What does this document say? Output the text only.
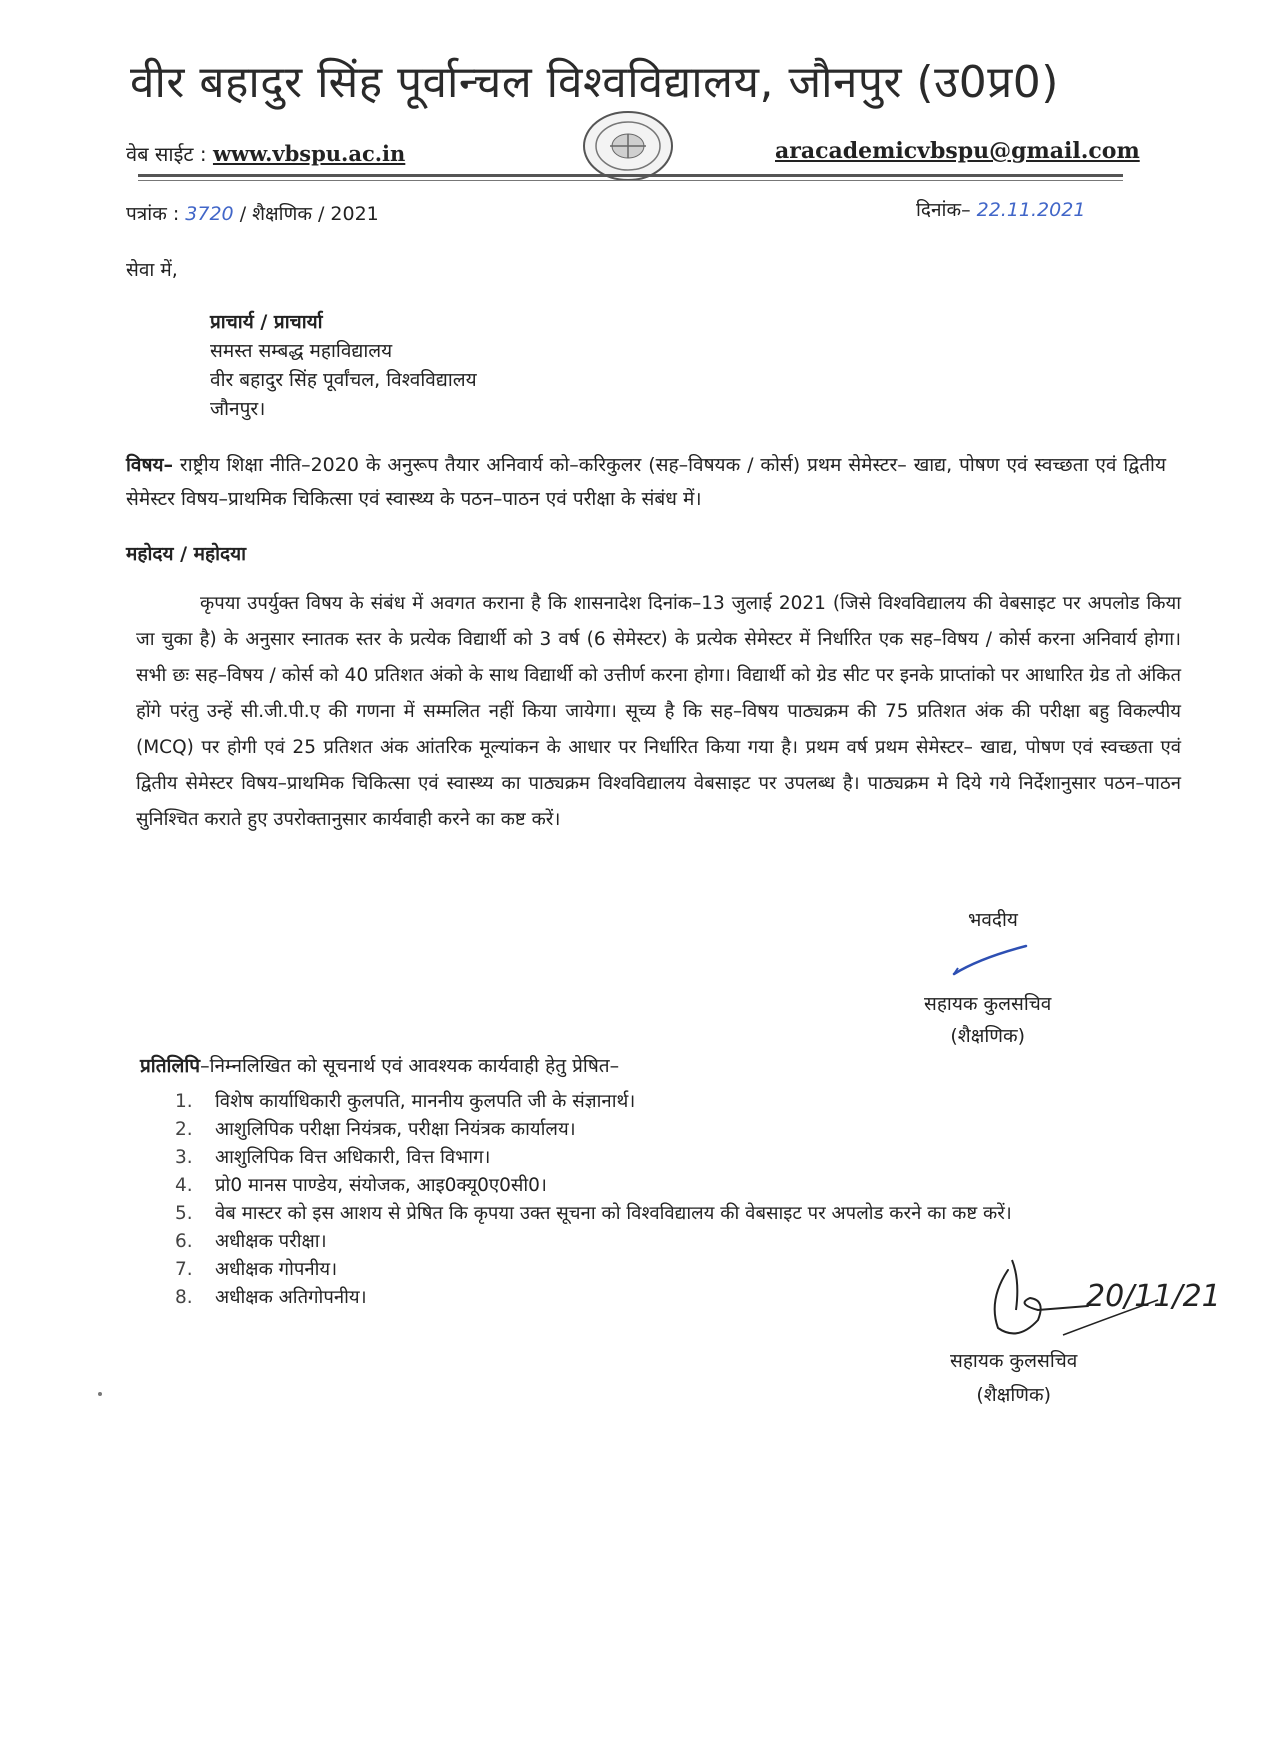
वीर बहादुर सिंह पूर्वान्चल विश्वविद्यालय, जौनपुर (उ0प्र0)
वेब साईट : www.vbspu.ac.in	aracademicvbspu@gmail.com
पत्रांक : 3720 / शैक्षणिक / 2021	दिनांक– 22.11.2021
सेवा में,
प्राचार्य / प्राचार्या
समस्त सम्बद्ध महाविद्यालय
वीर बहादुर सिंह पूर्वांचल, विश्वविद्यालय
जौनपुर।
विषय– राष्ट्रीय शिक्षा नीति–2020 के अनुरूप तैयार अनिवार्य को–करिकुलर (सह–विषयक / कोर्स) प्रथम सेमेस्टर– खाद्य, पोषण एवं स्वच्छता एवं द्वितीय सेमेस्टर विषय–प्राथमिक चिकित्सा एवं स्वास्थ्य के पठन–पाठन एवं परीक्षा के संबंध में।
महोदय / महोदया
कृपया उपर्युक्त विषय के संबंध में अवगत कराना है कि शासनादेश दिनांक–13 जुलाई 2021 (जिसे विश्वविद्यालय की वेबसाइट पर अपलोड किया जा चुका है) के अनुसार स्नातक स्तर के प्रत्येक विद्यार्थी को 3 वर्ष (6 सेमेस्टर) के प्रत्येक सेमेस्टर में निर्धारित एक सह–विषय / कोर्स करना अनिवार्य होगा। सभी छः सह–विषय / कोर्स को 40 प्रतिशत अंको के साथ विद्यार्थी को उत्तीर्ण करना होगा। विद्यार्थी को ग्रेड सीट पर इनके प्राप्तांको पर आधारित ग्रेड तो अंकित होंगे परंतु उन्हें सी.जी.पी.ए की गणना में सम्मलित नहीं किया जायेगा। सूच्य है कि सह–विषय पाठ्यक्रम की 75 प्रतिशत अंक की परीक्षा बहु विकल्पीय (MCQ) पर होगी एवं 25 प्रतिशत अंक आंतरिक मूल्यांकन के आधार पर निर्धारित किया गया है। प्रथम वर्ष प्रथम सेमेस्टर– खाद्य, पोषण एवं स्वच्छता एवं द्वितीय सेमेस्टर विषय–प्राथमिक चिकित्सा एवं स्वास्थ्य का पाठ्यक्रम विश्वविद्यालय वेबसाइट पर उपलब्ध है। पाठ्यक्रम मे दिये गये निर्देशानुसार पठन–पाठन सुनिश्चित कराते हुए उपरोक्तानुसार कार्यवाही करने का कष्ट करें।
भवदीय
सहायक कुलसचिव
(शैक्षणिक)
प्रतिलिपि–निम्नलिखित को सूचनार्थ एवं आवश्यक कार्यवाही हेतु प्रेषित–
1.	विशेष कार्याधिकारी कुलपति, माननीय कुलपति जी के संज्ञानार्थ।
2.	आशुलिपिक परीक्षा नियंत्रक, परीक्षा नियंत्रक कार्यालय।
3.	आशुलिपिक वित्त अधिकारी, वित्त विभाग।
4.	प्रो0 मानस पाण्डेय, संयोजक, आइ0क्यू0ए0सी0।
5.	वेब मास्टर को इस आशय से प्रेषित कि कृपया उक्त सूचना को विश्वविद्यालय की वेबसाइट पर अपलोड करने का कष्ट करें।
6.	अधीक्षक परीक्षा।
7.	अधीक्षक गोपनीय।
8.	अधीक्षक अतिगोपनीय।	20/11/21
सहायक कुलसचिव
(शैक्षणिक)
